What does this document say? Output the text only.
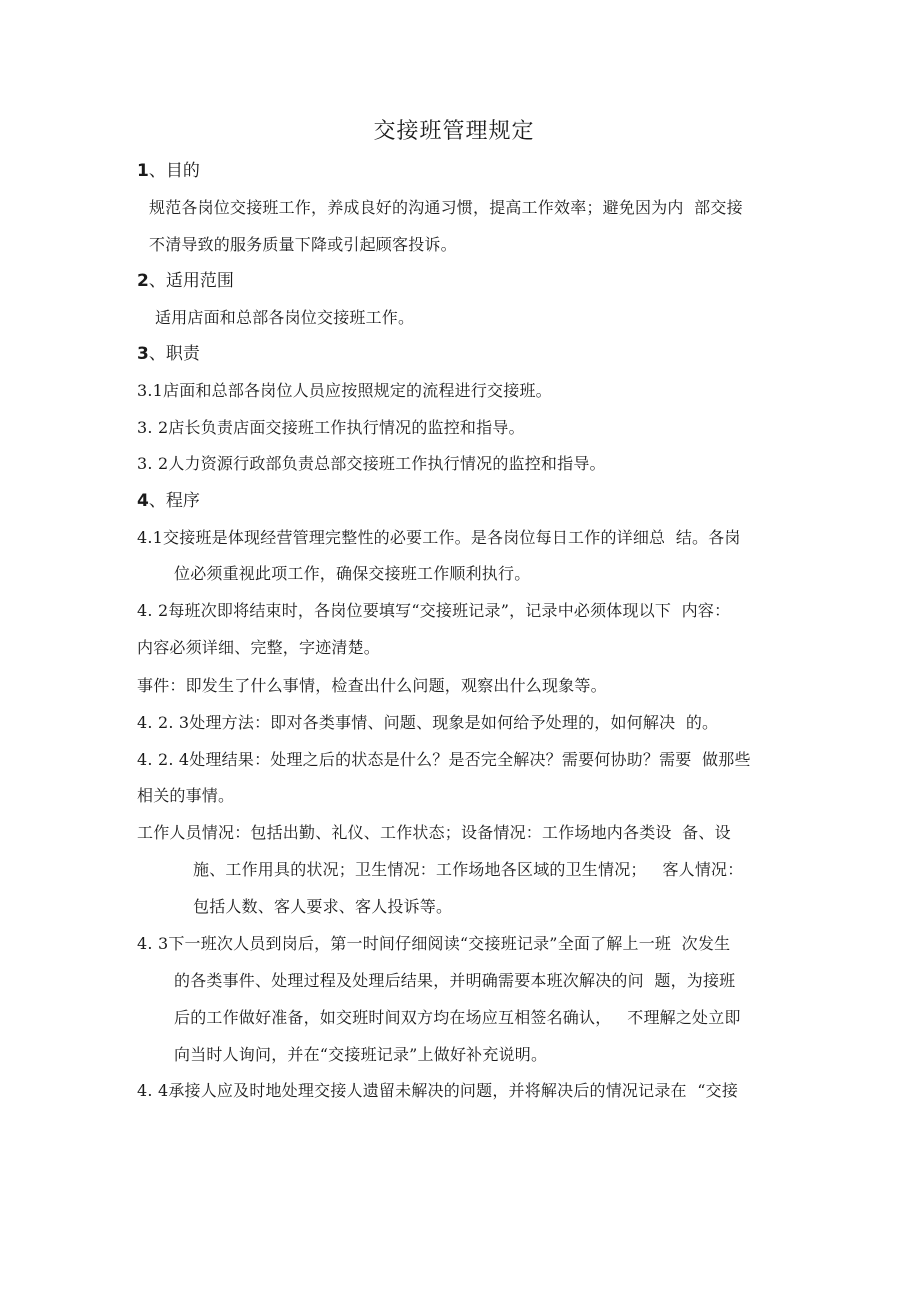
交接班管理规定
1、目的
规范各岗位交接班工作，养成良好的沟通习惯，提高工作效率；避免因为内  部交接
不清导致的服务质量下降或引起顾客投诉。
2、适用范围
适用店面和总部各岗位交接班工作。
3、职责
3.1店面和总部各岗位人员应按照规定的流程进行交接班。
3. 2店长负责店面交接班工作执行情况的监控和指导。
3. 2人力资源行政部负责总部交接班工作执行情况的监控和指导。
4、程序
4.1交接班是体现经营管理完整性的必要工作。是各岗位每日工作的详细总  结。各岗
位必须重视此项工作，确保交接班工作顺利执行。
4. 2每班次即将结束时，各岗位要填写“交接班记录”，记录中必须体现以下  内容：
内容必须详细、完整，字迹清楚。
事件：即发生了什么事情，检查出什么问题，观察出什么现象等。
4. 2. 3处理方法：即对各类事情、问题、现象是如何给予处理的，如何解决  的。
4. 2. 4处理结果：处理之后的状态是什么？是否完全解决？需要何协助？需要  做那些
相关的事情。
工作人员情况：包括出勤、礼仪、工作状态；设备情况：工作场地内各类设  备、设
施、工作用具的状况；卫生情况：工作场地各区域的卫生情况；   客人情况：
包括人数、客人要求、客人投诉等。
4. 3下一班次人员到岗后，第一时间仔细阅读“交接班记录”全面了解上一班  次发生
的各类事件、处理过程及处理后结果，并明确需要本班次解决的问  题，为接班
后的工作做好准备，如交班时间双方均在场应互相签名确认，   不理解之处立即
向当时人询问，并在“交接班记录”上做好补充说明。
4. 4承接人应及时地处理交接人遗留未解决的问题，并将解决后的情况记录在  “交接
